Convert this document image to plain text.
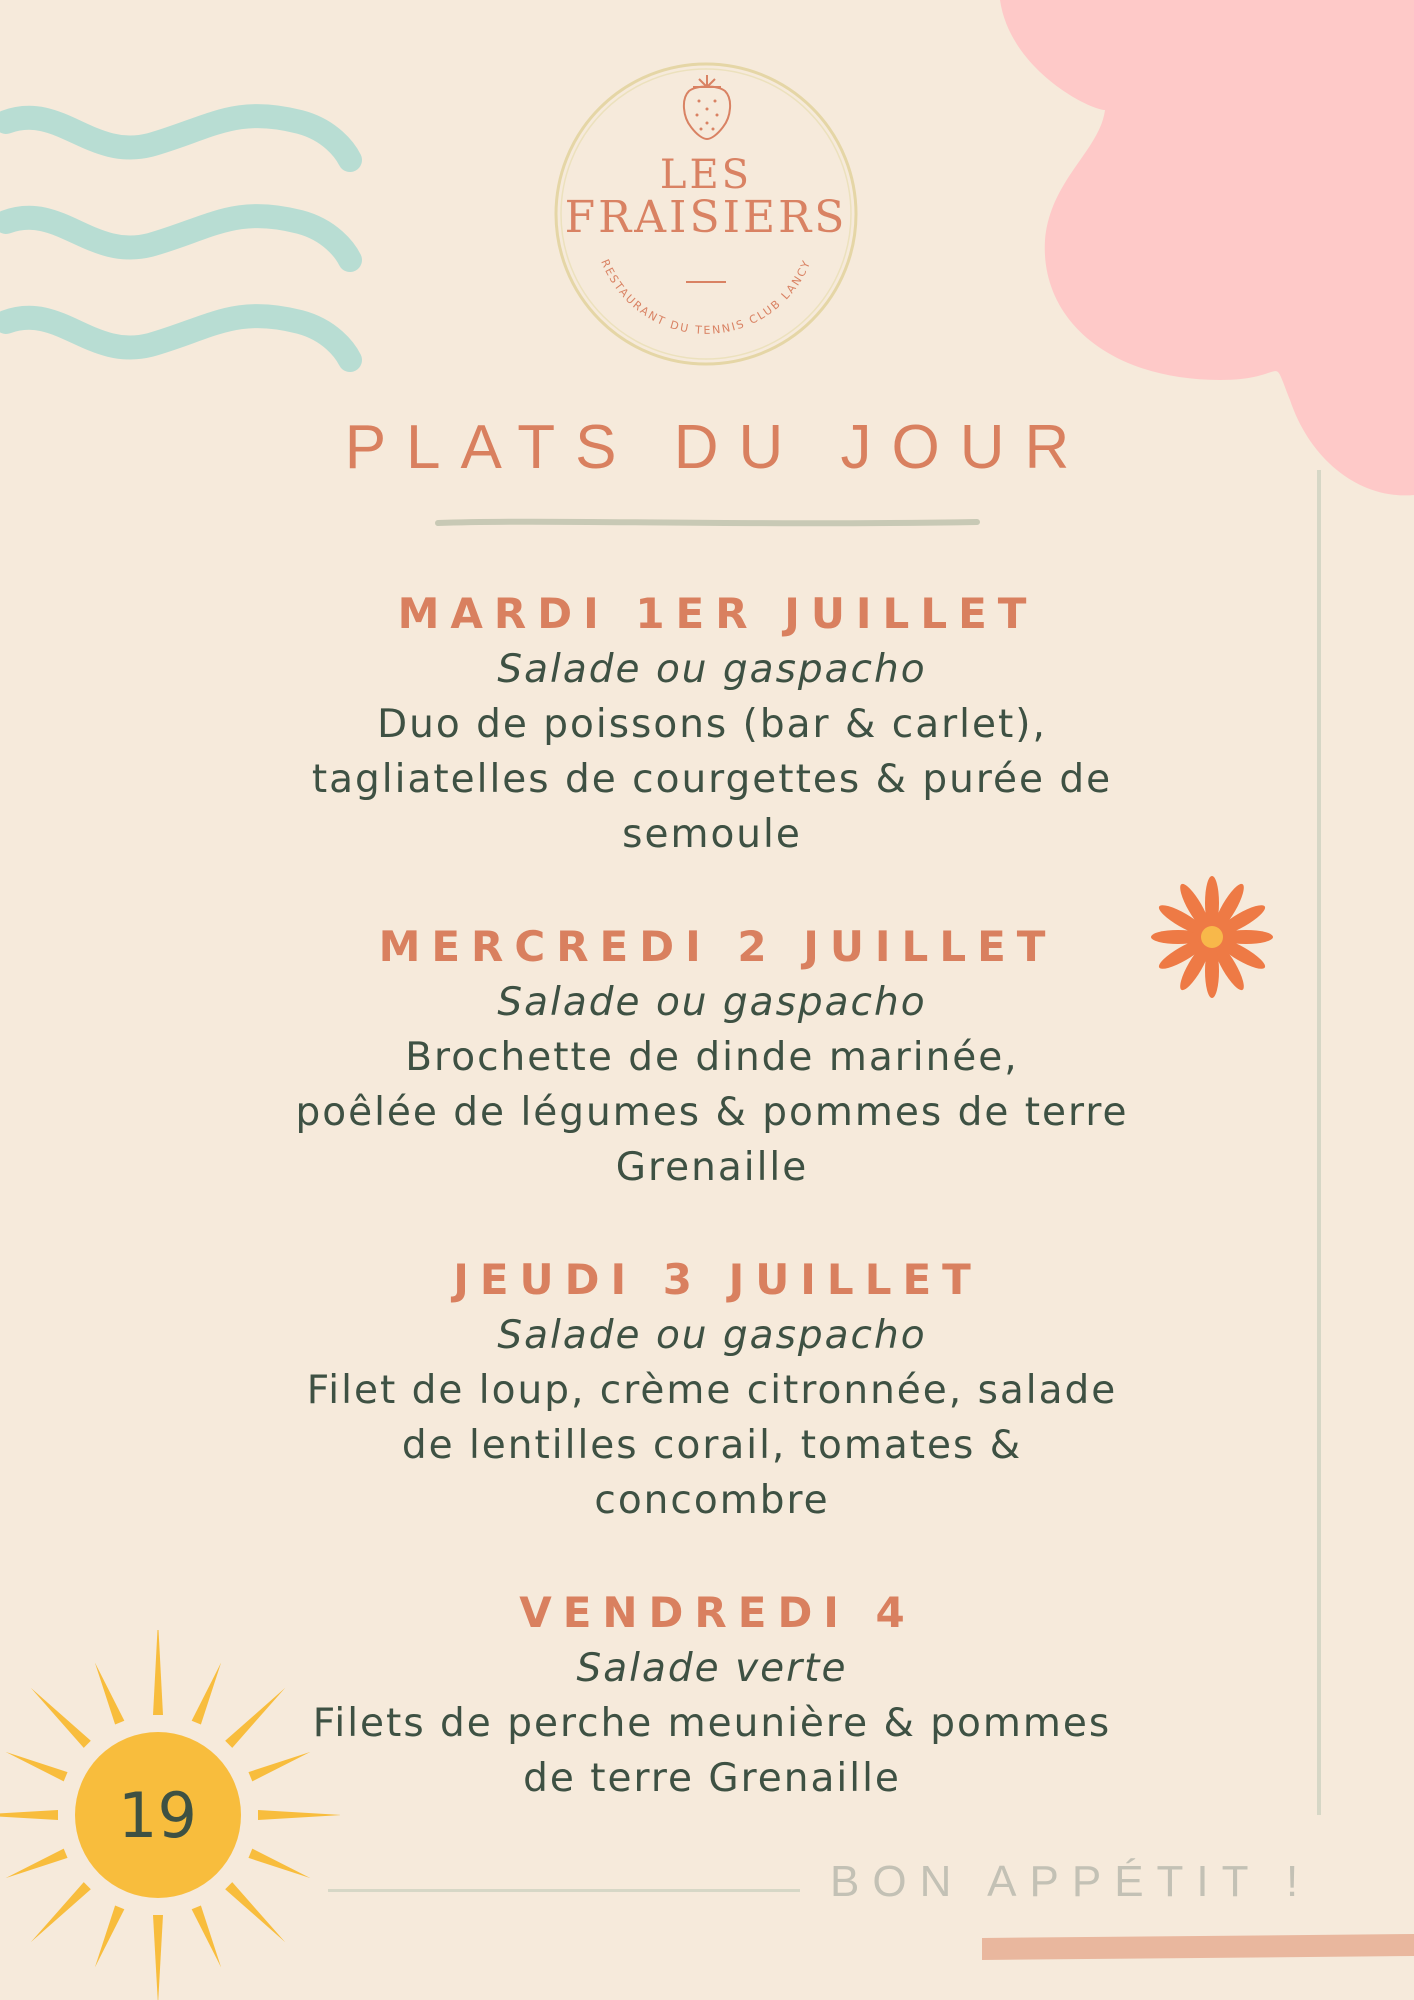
RESTAURANT DU TENNIS CLUB LANCY
LES
FRAISIERS
PLATS DU JOUR
MARDI 1ER JUILLET
Salade ou gaspacho
Duo de poissons (bar & carlet),
tagliatelles de courgettes & purée de
semoule
MERCREDI 2 JUILLET
Salade ou gaspacho
Brochette de dinde marinée,
poêlée de légumes & pommes de terre
Grenaille
JEUDI 3 JUILLET
Salade ou gaspacho
Filet de loup, crème citronnée, salade
de lentilles corail, tomates &
concombre
VENDREDI 4
Salade verte
Filets de perche meunière & pommes
de terre Grenaille
19
BON APPÉTIT !
